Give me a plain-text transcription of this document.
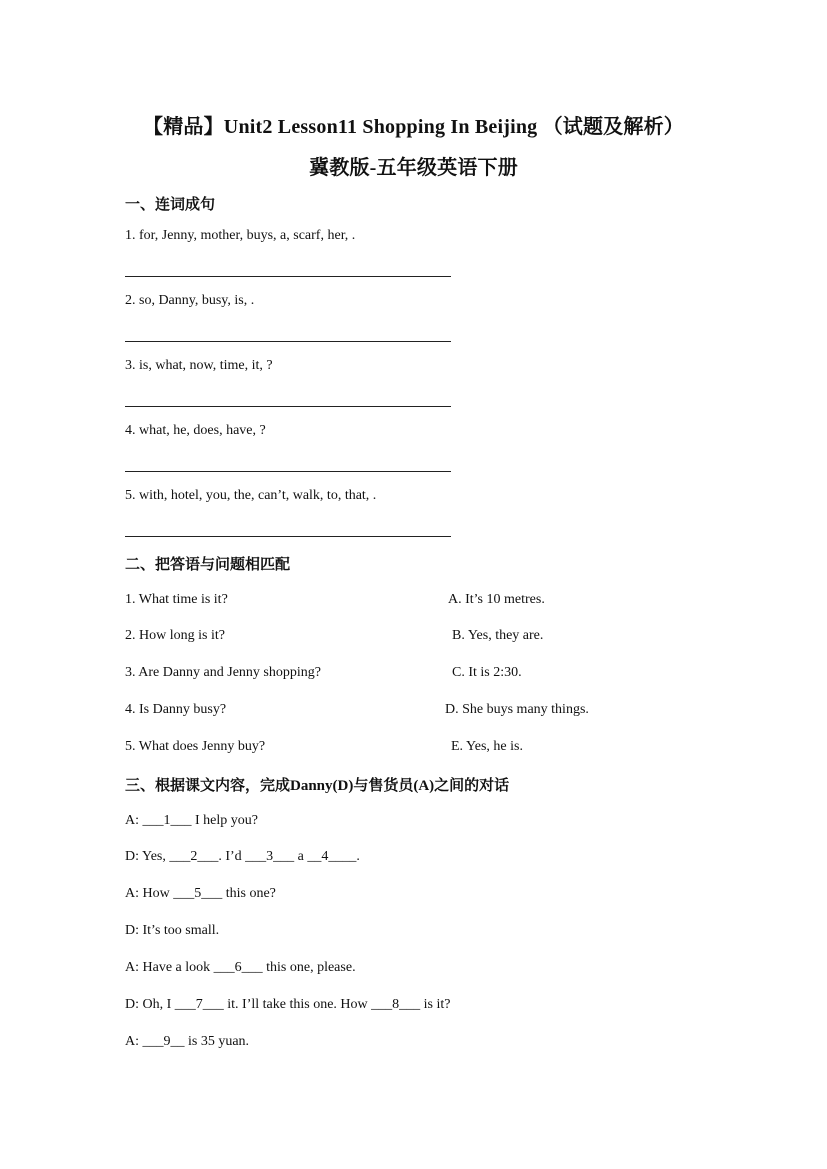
【精品】Unit2 Lesson11 Shopping In Beijing （试题及解析）
冀教版-五年级英语下册
一、连词成句
1. for, Jenny, mother, buys, a, scarf, her, .
2. so, Danny, busy, is, .
3. is, what, now, time, it, ?
4. what, he, does, have, ?
5. with, hotel, you, the, can’t, walk, to, that, .
二、把答语与问题相匹配
1. What time is it?	A. It’s 10 metres.
2. How long is it?	B. Yes, they are.
3. Are Danny and Jenny shopping?	C. It is 2:30.
4. Is Danny busy?	D. She buys many things.
5. What does Jenny buy?	E. Yes, he is.
三、根据课文内容，完成Danny(D)与售货员(A)之间的对话
A: ___1___ I help you?
D: Yes, ___2___. I’d ___3___ a __4____.
A: How ___5___ this one?
D: It’s too small.
A: Have a look ___6___ this one, please.
D: Oh, I ___7___ it. I’ll take this one. How ___8___ is it?
A: ___9__ is 35 yuan.
